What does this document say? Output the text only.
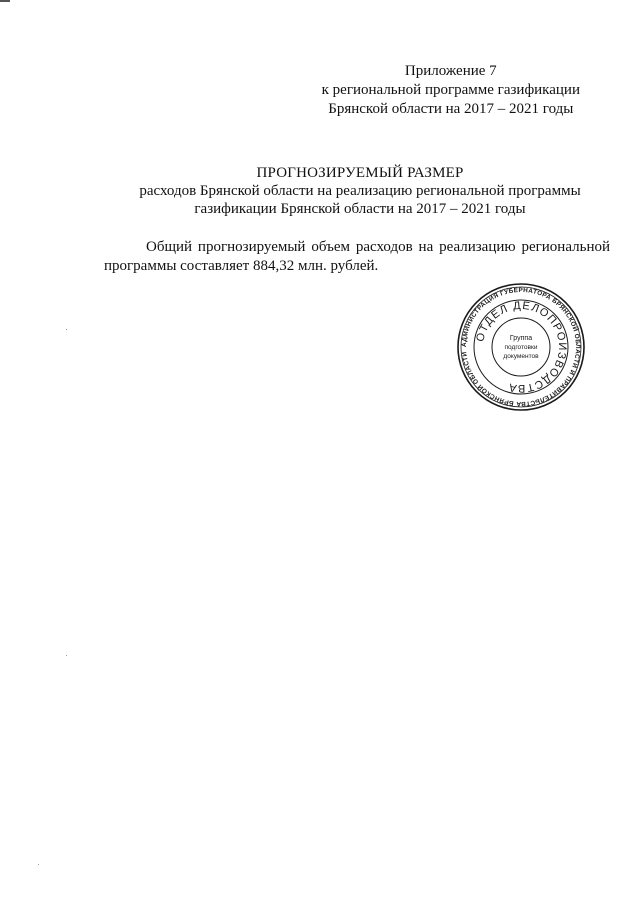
Приложение 7
к региональной программе газификации
Брянской области на 2017 – 2021 годы
ПРОГНОЗИРУЕМЫЙ РАЗМЕР
расходов Брянской области на реализацию региональной программы
газификации Брянской области на 2017 – 2021 годы
Общий прогнозируемый объем расходов на реализацию региональной программы составляет 884,32 млн. рублей.
АДМИНИСТРАЦИЯ ГУБЕРНАТОРА БРЯНСКОЙ ОБЛАСТИ И ПРАВИТЕЛЬСТВА БРЯНСКОЙ ОБЛАСТИ
ОТДЕЛ ДЕЛОПРОИЗВОДСТВА
Группа
подготовки
документов
